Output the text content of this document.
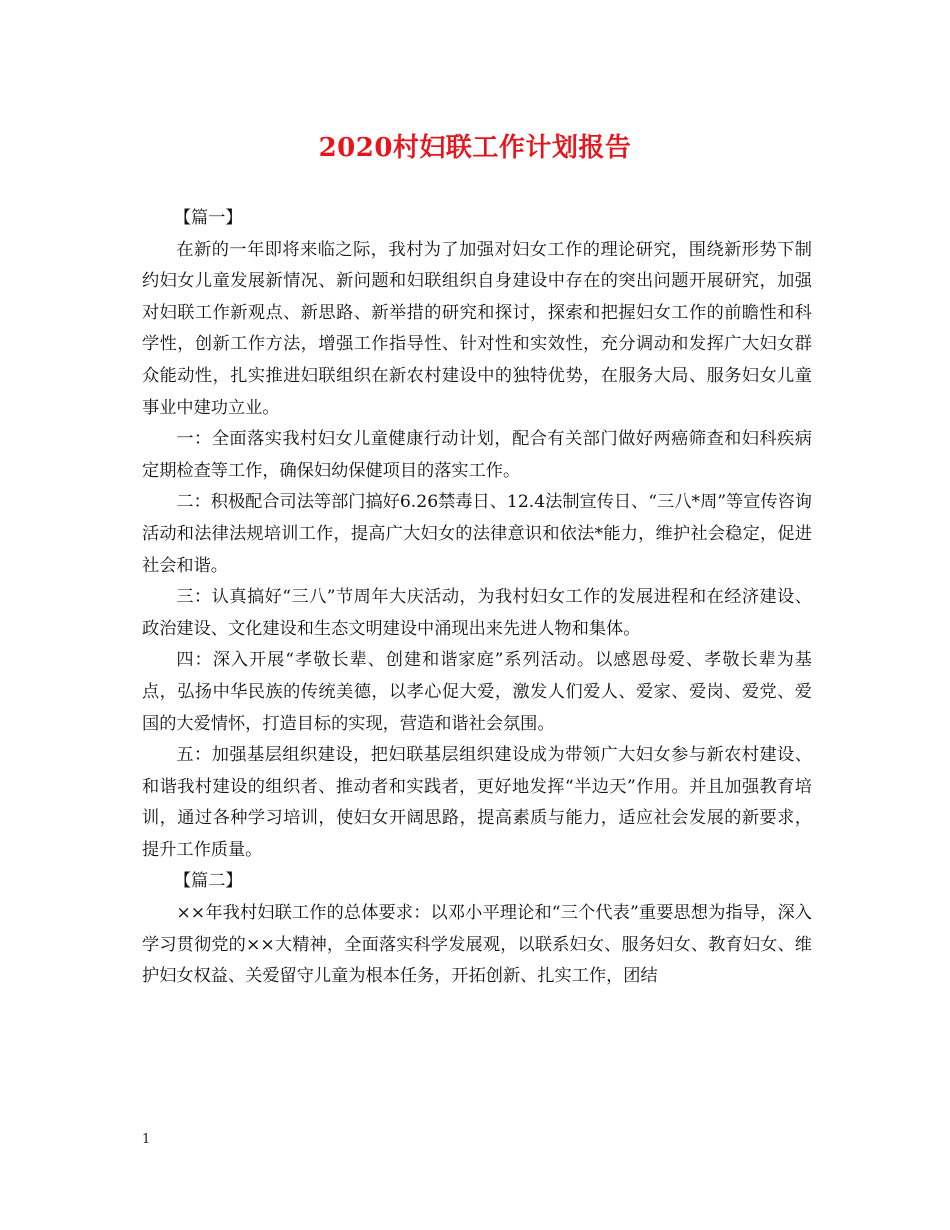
2020村妇联工作计划报告

【篇一】

在新的一年即将来临之际，我村为了加强对妇女工作的理论研究，围绕新形势下制约妇女儿童发展新情况、新问题和妇联组织自身建设中存在的突出问题开展研究，加强对妇联工作新观点、新思路、新举措的研究和探讨，探索和把握妇女工作的前瞻性和科学性，创新工作方法，增强工作指导性、针对性和实效性，充分调动和发挥广大妇女群众能动性，扎实推进妇联组织在新农村建设中的独特优势，在服务大局、服务妇女儿童事业中建功立业。

一：全面落实我村妇女儿童健康行动计划，配合有关部门做好两癌筛查和妇科疾病定期检查等工作，确保妇幼保健项目的落实工作。

二：积极配合司法等部门搞好6.26禁毒日、12.4法制宣传日、“三八*周”等宣传咨询活动和法律法规培训工作，提高广大妇女的法律意识和依法*能力，维护社会稳定，促进社会和谐。

三：认真搞好“三八”节周年大庆活动，为我村妇女工作的发展进程和在经济建设、政治建设、文化建设和生态文明建设中涌现出来先进人物和集体。

四：深入开展“孝敬长辈、创建和谐家庭”系列活动。以感恩母爱、孝敬长辈为基点，弘扬中华民族的传统美德，以孝心促大爱，激发人们爱人、爱家、爱岗、爱党、爱国的大爱情怀，打造目标的实现，营造和谐社会氛围。

五：加强基层组织建设，把妇联基层组织建设成为带领广大妇女参与新农村建设、和谐我村建设的组织者、推动者和实践者，更好地发挥“半边天”作用。并且加强教育培训，通过各种学习培训，使妇女开阔思路，提高素质与能力，适应社会发展的新要求，提升工作质量。

【篇二】

××年我村妇联工作的总体要求：以邓小平理论和“三个代表”重要思想为指导，深入学习贯彻党的××大精神，全面落实科学发展观，以联系妇女、服务妇女、教育妇女、维护妇女权益、关爱留守儿童为根本任务，开拓创新、扎实工作，团结

1
